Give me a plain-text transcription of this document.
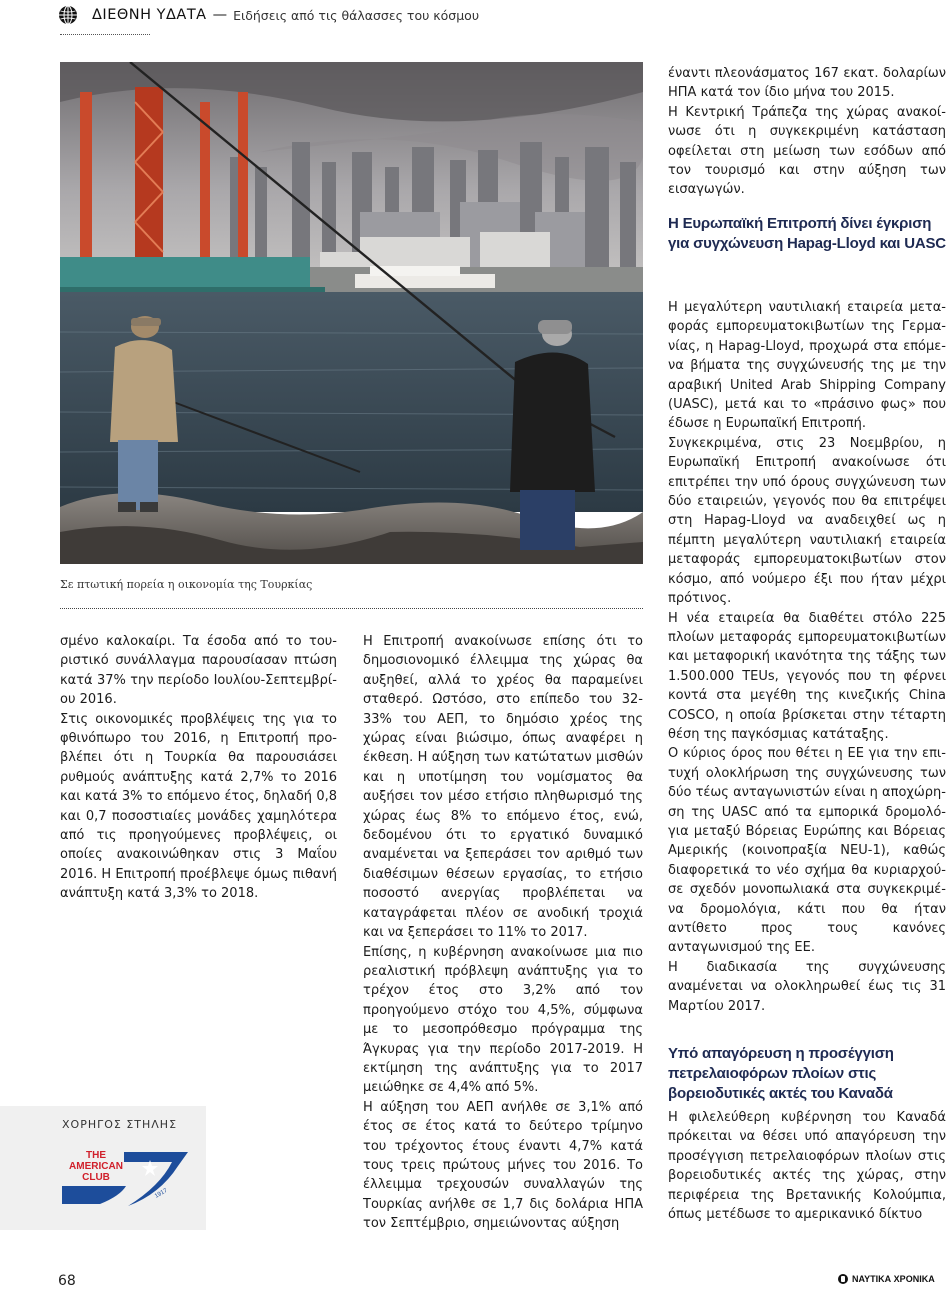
ΔΙΕΘΝΗ ΥΔΑΤΑ — Ειδήσεις από τις θάλασσες του κόσμου
Σε πτωτική πορεία η οικονομία της Τουρκίας

σμένο καλοκαίρι. Τα έσοδα από το τουριστικό συνάλλαγμα παρουσίασαν πτώση κατά 37% την περίοδο Ιουλίου-Σεπτεμβρίου 2016.

Στις οικονομικές προβλέψεις της για το φθινόπωρο του 2016, η Επιτροπή προβλέπει ότι η Τουρκία θα παρουσιάσει ρυθμούς ανάπτυξης κατά 2,7% το 2016 και κατά 3% το επόμενο έτος, δηλαδή 0,8 και 0,7 ποσοστιαίες μονάδες χαμηλότερα από τις προηγούμενες προβλέψεις, οι οποίες ανακοινώθηκαν στις 3 Μαΐου 2016. Η Επιτροπή προέβλεψε όμως πιθανή ανάπτυξη κατά 3,3% το 2018.

Η Επιτροπή ανακοίνωσε επίσης ότι το δημοσιονομικό έλλειμμα της χώρας θα αυξηθεί, αλλά το χρέος θα παραμείνει σταθερό. Ωστόσο, στο επίπεδο του 32-33% του ΑΕΠ, το δημόσιο χρέος της χώρας είναι βιώσιμο, όπως αναφέρει η έκθεση. Η αύξηση των κατώτατων μισθών και η υποτίμηση του νομίσματος θα αυξήσει τον μέσο ετήσιο πληθωρισμό της χώρας έως 8% το επόμενο έτος, ενώ, δεδομένου ότι το εργατικό δυναμικό αναμένεται να ξεπεράσει τον αριθμό των διαθέσιμων θέσεων εργασίας, το ετήσιο ποσοστό ανεργίας προβλέπεται να καταγράφεται πλέον σε ανοδική τροχιά και να ξεπεράσει το 11% το 2017.

Επίσης, η κυβέρνηση ανακοίνωσε μια πιο ρεαλιστική πρόβλεψη ανάπτυξης για το τρέχον έτος στο 3,2% από τον προηγούμενο στόχο του 4,5%, σύμφωνα με το μεσοπρόθεσμο πρόγραμμα της Άγκυρας για την περίοδο 2017-2019. Η εκτίμηση της ανάπτυξης για το 2017 μειώθηκε σε 4,4% από 5%.

Η αύξηση του ΑΕΠ ανήλθε σε 3,1% από έτος σε έτος κατά το δεύτερο τρίμηνο του τρέχοντος έτους έναντι 4,7% κατά τους τρεις πρώτους μήνες του 2016. Το έλλειμμα τρεχουσών συναλλαγών της Τουρκίας ανήλθε σε 1,7 δις δολάρια ΗΠΑ τον Σεπτέμβριο, σημειώνοντας αύξηση

έναντι πλεονάσματος 167 εκατ. δολαρίων ΗΠΑ κατά τον ίδιο μήνα του 2015.

Η Κεντρική Τράπεζα της χώρας ανακοίνωσε ότι η συγκεκριμένη κατάσταση οφείλεται στη μείωση των εσόδων από τον τουρισμό και στην αύξηση των εισαγωγών.

Η Ευρωπαϊκή Επιτροπή δίνει έγκριση για συγχώνευση Hapag-Lloyd και UASC

Η μεγαλύτερη ναυτιλιακή εταιρεία μεταφοράς εμπορευματοκιβωτίων της Γερμανίας, η Hapag-Lloyd, προχωρά στα επόμενα βήματα της συγχώνευσής της με την αραβική United Arab Shipping Company (UASC), μετά και το «πράσινο φως» που έδωσε η Ευρωπαϊκή Επιτροπή.

Συγκεκριμένα, στις 23 Νοεμβρίου, η Ευρωπαϊκή Επιτροπή ανακοίνωσε ότι επιτρέπει την υπό όρους συγχώνευση των δύο εταιρειών, γεγονός που θα επιτρέψει στη Hapag-Lloyd να αναδειχθεί ως η πέμπτη μεγαλύτερη ναυτιλιακή εταιρεία μεταφοράς εμπορευματοκιβωτίων στον κόσμο, από νούμερο έξι που ήταν μέχρι πρότινος.

Η νέα εταιρεία θα διαθέτει στόλο 225 πλοίων μεταφοράς εμπορευματοκιβωτίων και μεταφορική ικανότητα της τάξης των 1.500.000 TEUs, γεγονός που τη φέρνει κοντά στα μεγέθη της κινεζικής China COSCO, η οποία βρίσκεται στην τέταρτη θέση της παγκόσμιας κατάταξης.

Ο κύριος όρος που θέτει η ΕΕ για την επιτυχή ολοκλήρωση της συγχώνευσης των δύο τέως ανταγωνιστών είναι η αποχώρηση της UASC από τα εμπορικά δρομολόγια μεταξύ Βόρειας Ευρώπης και Βόρειας Αμερικής (κοινοπραξία NEU-1), καθώς διαφορετικά το νέο σχήμα θα κυριαρχούσε σχεδόν μονοπωλιακά στα συγκεκριμένα δρομολόγια, κάτι που θα ήταν αντίθετο προς τους κανόνες ανταγωνισμού της ΕΕ.

Η διαδικασία της συγχώνευσης αναμένεται να ολοκληρωθεί έως τις 31 Μαρτίου 2017.

Υπό απαγόρευση η προσέγγιση πετρελαιοφόρων πλοίων στις βορειοδυτικές ακτές του Καναδά

Η φιλελεύθερη κυβέρνηση του Καναδά πρόκειται να θέσει υπό απαγόρευση την προσέγγιση πετρελαιοφόρων πλοίων στις βορειοδυτικές ακτές της χώρας, στην περιφέρεια της Βρετανικής Κολούμπια, όπως μετέδωσε το αμερικανικό δίκτυο

ΧΟΡΗΓΟΣ ΣΤΗΛΗΣ
THE
AMERICAN
CLUB
1917
68	ΝΑΥΤΙΚΑ ΧΡΟΝΙΚΑ
